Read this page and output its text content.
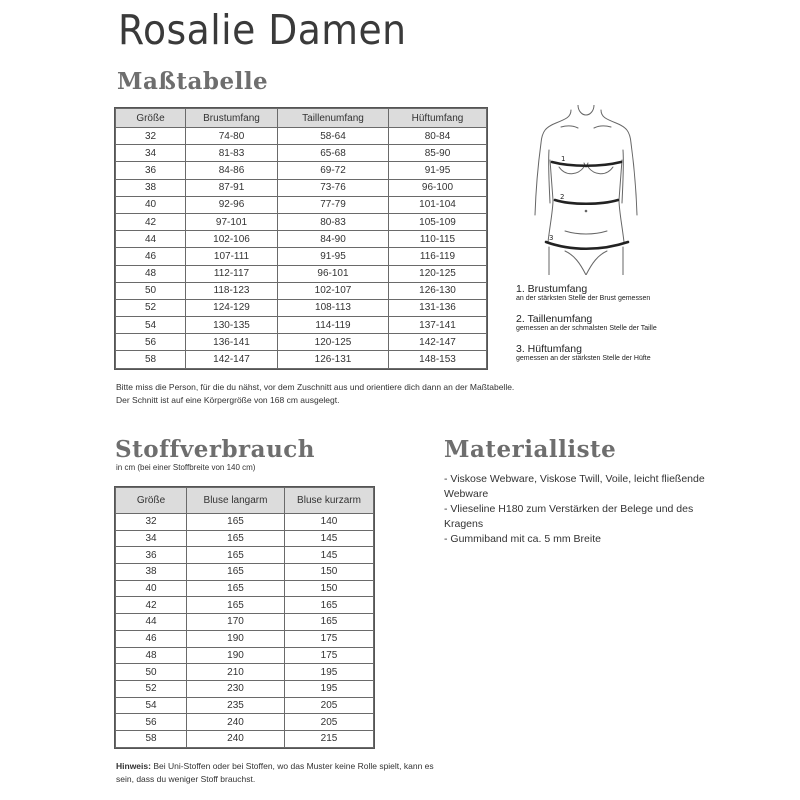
Rosalie Damen
Maßtabelle
Größe	Brustumfang	Taillenumfang	Hüftumfang
32	74-80	58-64	80-84
34	81-83	65-68	85-90
36	84-86	69-72	91-95
38	87-91	73-76	96-100
40	92-96	77-79	101-104
42	97-101	80-83	105-109
44	102-106	84-90	110-115
46	107-111	91-95	116-119
48	112-117	96-101	120-125
50	118-123	102-107	126-130
52	124-129	108-113	131-136
54	130-135	114-119	137-141
56	136-141	120-125	142-147
58	142-147	126-131	148-153
1
2
3
1. Brustumfang
an der stärksten Stelle der Brust gemessen
2. Taillenumfang
gemessen an der schmalsten Stelle der Taille
3. Hüftumfang
gemessen an der stärksten Stelle der Hüfte
Bitte miss die Person, für die du nähst, vor dem Zuschnitt aus und orientiere dich dann an der Maßtabelle.
Der Schnitt ist auf eine Körpergröße von 168 cm ausgelegt.
Stoffverbrauch
in cm (bei einer Stoffbreite von 140 cm)
Größe	Bluse langarm	Bluse kurzarm
32	165	140
34	165	145
36	165	145
38	165	150
40	165	150
42	165	165
44	170	165
46	190	175
48	190	175
50	210	195
52	230	195
54	235	205
56	240	205
58	240	215
Hinweis: Bei Uni-Stoffen oder bei Stoffen, wo das Muster keine Rolle spielt, kann es sein, dass du weniger Stoff brauchst.
Materialliste
- Viskose Webware, Viskose Twill, Voile, leicht fließende Webware
- Vlieseline H180 zum Verstärken der Belege und des Kragens
- Gummiband mit ca. 5 mm Breite
